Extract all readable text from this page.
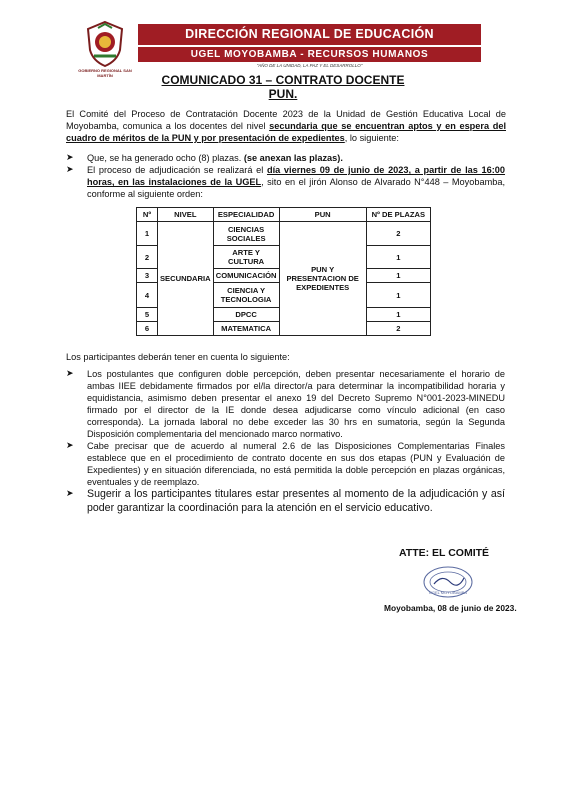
GOBIERNO REGIONAL SAN MARTÍN
DIRECCIÓN REGIONAL DE EDUCACIÓN
UGEL MOYOBAMBA - RECURSOS HUMANOS
"AÑO DE LA UNIDAD, LA PAZ Y EL DESARROLLO"
COMUNICADO 31 – CONTRATO DOCENTE
PUN.
El Comité del Proceso de Contratación Docente 2023 de la Unidad de Gestión Educativa Local de Moyobamba, comunica a los docentes del nivel secundaria que se encuentran aptos y en espera del cuadro de méritos de la PUN y por presentación de expedientes, lo siguiente:
➤ Que, se ha generado ocho (8) plazas. (se anexan las plazas).
➤ El proceso de adjudicación se realizará el día viernes 09 de junio de 2023, a partir de las 16:00 horas, en las instalaciones de la UGEL, sito en el jirón Alonso de Alvarado N°448 – Moyobamba, conforme al siguiente orden:
Nº	NIVEL	ESPECIALIDAD	PUN	Nº DE PLAZAS
1	SECUNDARIA	CIENCIAS SOCIALES	PUN Y PRESENTACION DE EXPEDIENTES	2
2		ARTE Y CULTURA		1
3		COMUNICACIÓN		1
4		CIENCIA Y TECNOLOGIA		1
5		DPCC		1
6		MATEMATICA		2
Los participantes deberán tener en cuenta lo siguiente:
➤ Los postulantes que configuren doble percepción, deben presentar necesariamente el horario de ambas IIEE debidamente firmados por el/la director/a para determinar la incompatibilidad horaria y equidistancia, asimismo deben presentar el anexo 19 del Decreto Supremo N°001-2023-MINEDU firmado por el director de la IE donde desea adjudicarse como vínculo adicional (en caso corresponda). La jornada laboral no debe exceder las 30 hrs en sumatoria, según la Segunda Disposición complementaria del mencionado marco normativo.
➤ Cabe precisar que de acuerdo al numeral 2.6 de las Disposiciones Complementarias Finales establece que en el procedimiento de contrato docente en sus dos etapas (PUN y Evaluación de Expedientes) y en situación diferenciada, no está permitida la doble percepción en plazas orgánicas, eventuales y de reemplazo.
➤ Sugerir a los participantes titulares estar presentes al momento de la adjudicación y así poder garantizar la coordinación para la atención en el servicio educativo.
ATTE: EL COMITÉ
UGEL MOYOBAMBA
Moyobamba, 08 de junio de 2023.
